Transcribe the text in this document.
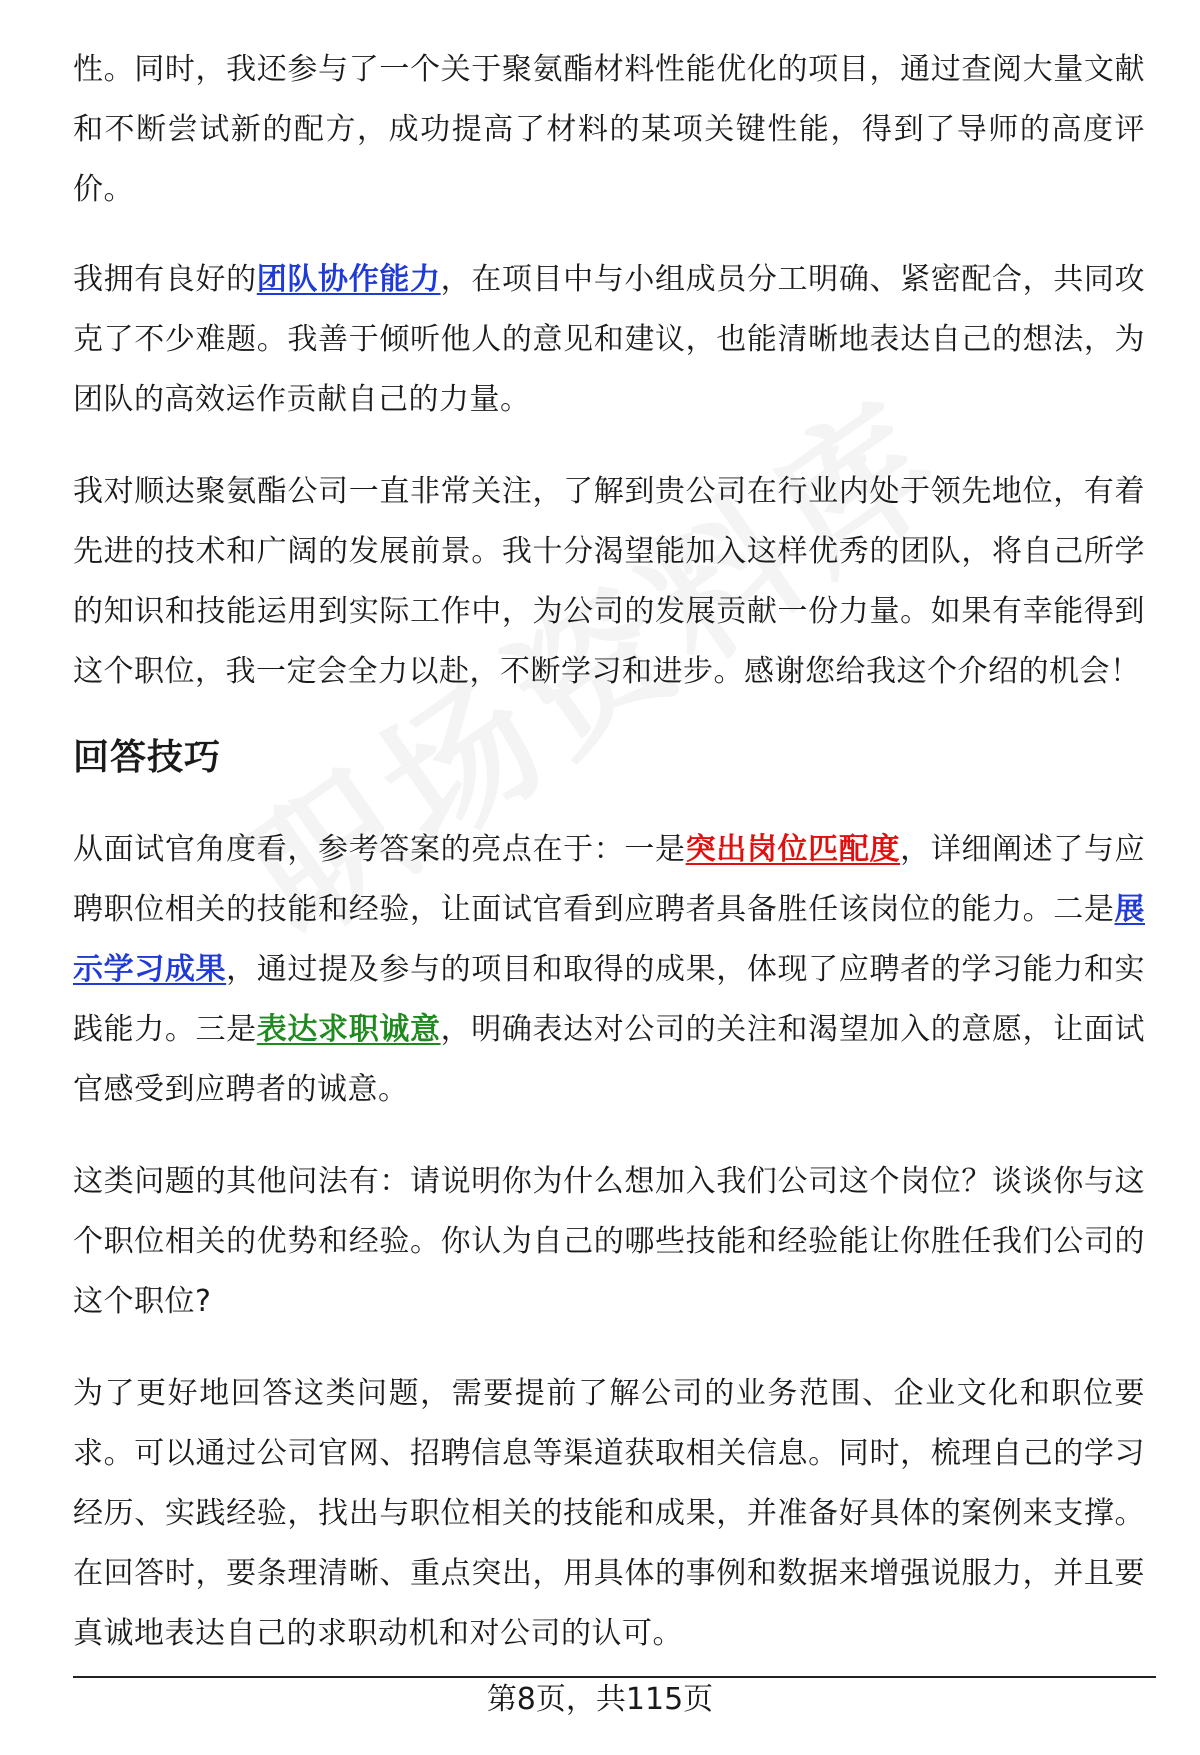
性。同时，我还参与了一个关于聚氨酯材料性能优化的项目，通过查阅大量文献和不断尝试新的配方，成功提高了材料的某项关键性能，得到了导师的高度评价。

我拥有良好的团队协作能力，在项目中与小组成员分工明确、紧密配合，共同攻克了不少难题。我善于倾听他人的意见和建议，也能清晰地表达自己的想法，为团队的高效运作贡献自己的力量。

我对顺达聚氨酯公司一直非常关注，了解到贵公司在行业内处于领先地位，有着先进的技术和广阔的发展前景。我十分渴望能加入这样优秀的团队，将自己所学的知识和技能运用到实际工作中，为公司的发展贡献一份力量。如果有幸能得到这个职位，我一定会全力以赴，不断学习和进步。感谢您给我这个介绍的机会！

回答技巧

从面试官角度看，参考答案的亮点在于：一是突出岗位匹配度，详细阐述了与应聘职位相关的技能和经验，让面试官看到应聘者具备胜任该岗位的能力。二是展示学习成果，通过提及参与的项目和取得的成果，体现了应聘者的学习能力和实践能力。三是表达求职诚意，明确表达对公司的关注和渴望加入的意愿，让面试官感受到应聘者的诚意。

这类问题的其他问法有：请说明你为什么想加入我们公司这个岗位？谈谈你与这个职位相关的优势和经验。你认为自己的哪些技能和经验能让你胜任我们公司的这个职位?

为了更好地回答这类问题，需要提前了解公司的业务范围、企业文化和职位要求。可以通过公司官网、招聘信息等渠道获取相关信息。同时，梳理自己的学习经历、实践经验，找出与职位相关的技能和成果，并准备好具体的案例来支撑。在回答时，要条理清晰、重点突出，用具体的事例和数据来增强说服力，并且要真诚地表达自己的求职动机和对公司的认可。

第8页，共115页
